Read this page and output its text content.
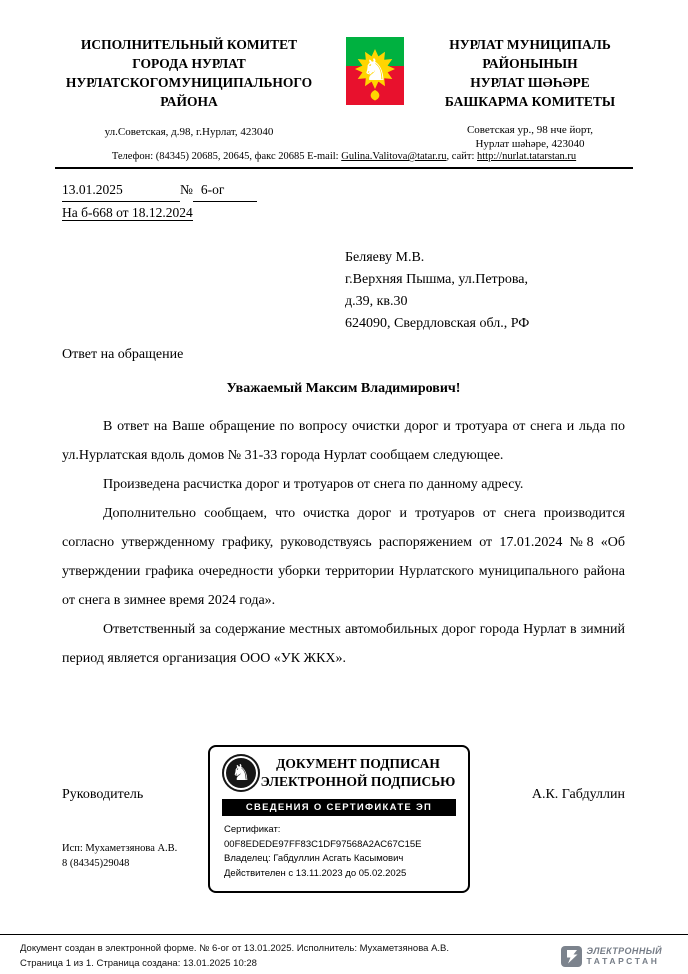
ИСПОЛНИТЕЛЬНЫЙ КОМИТЕТ
ГОРОДА НУРЛАТ
НУРЛАТСКОГОМУНИЦИПАЛЬНОГО
РАЙОНА
ул.Советская, д.98, г.Нурлат, 423040
♞
НУРЛАТ МУНИЦИПАЛЬ
РАЙОНЫНЫН
НУРЛАТ ШӘҺӘРЕ
БАШКАРМА КОМИТЕТЫ
Советская ур., 98 нче йорт,
Нурлат шәһәре, 423040
Телефон: (84345) 20685, 20645, факс 20685 E-mail: Gulina.Valitova@tatar.ru, сайт: http://nurlat.tatarstan.ru
13.01.2025	№ 6-ог
На б-668 от 18.12.2024
Беляеву М.В.
г.Верхняя Пышма, ул.Петрова,
д.39, кв.30
624090, Свердловская обл., РФ
Ответ на обращение
Уважаемый Максим Владимирович!

В ответ на Ваше обращение по вопросу очистки дорог и тротуара от снега и льда по ул.Нурлатская вдоль домов № 31-33 города Нурлат сообщаем следующее.

Произведена расчистка дорог и тротуаров от снега по данному адресу.

Дополнительно сообщаем, что очистка дорог и тротуаров от снега производится согласно утвержденному графику, руководствуясь распоряжением от 17.01.2024 №8 «Об утверждении графика очередности уборки территории Нурлатского муниципального района от снега в зимнее время 2024 года».

Ответственный за содержание местных автомобильных дорог города Нурлат в зимний период является организация ООО «УК ЖКХ».

Руководитель	А.К. Габдуллин
♞	ДОКУМЕНТ ПОДПИСАН
ЭЛЕКТРОННОЙ ПОДПИСЬЮ
СВЕДЕНИЯ О СЕРТИФИКАТЕ ЭП
Сертификат: 00F8EDEDE97FF83C1DF97568A2AC67C15E
Владелец: Габдуллин Асгать Касымович
Действителен с 13.11.2023 до 05.02.2025
Исп: Мухаметзянова А.В.
8 (84345)29048
Документ создан в электронной форме. № 6-ог от 13.01.2025. Исполнитель: Мухаметзянова А.В.
Страница 1 из 1. Страница создана: 13.01.2025 10:28
ЭЛЕКТРОННЫЙ
ТАТАРСТАН
